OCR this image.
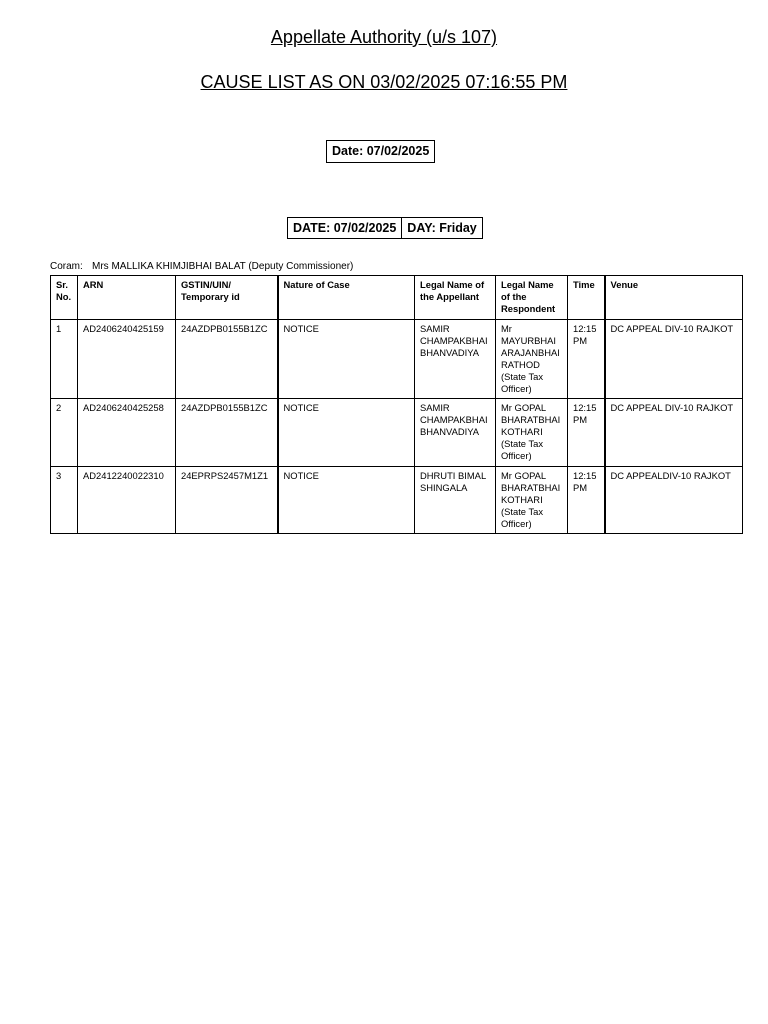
Appellate Authority (u/s 107)
CAUSE LIST AS ON 03/02/2025 07:16:55 PM
Date: 07/02/2025
DATE: 07/02/2025 DAY: Friday
Coram: Mrs MALLIKA KHIMJIBHAI BALAT (Deputy Commissioner)
Sr. No.	ARN	GSTIN/UIN/ Temporary id	Nature of Case	Legal Name of the Appellant	Legal Name of the Respondent	Time	Venue
1	AD2406240425159	24AZDPB0155B1ZC	NOTICE	SAMIR CHAMPAKBHAI BHANVADIYA	Mr MAYURBHAI ARAJANBHAI RATHOD (State Tax Officer)	12:15 PM	DC APPEAL DIV-10 RAJKOT
2	AD2406240425258	24AZDPB0155B1ZC	NOTICE	SAMIR CHAMPAKBHAI BHANVADIYA	Mr GOPAL BHARATBHAI KOTHARI (State Tax Officer)	12:15 PM	DC APPEAL DIV-10 RAJKOT
3	AD2412240022310	24EPRPS2457M1Z1	NOTICE	DHRUTI BIMAL SHINGALA	Mr GOPAL BHARATBHAI KOTHARI (State Tax Officer)	12:15 PM	DC APPEALDIV-10 RAJKOT
